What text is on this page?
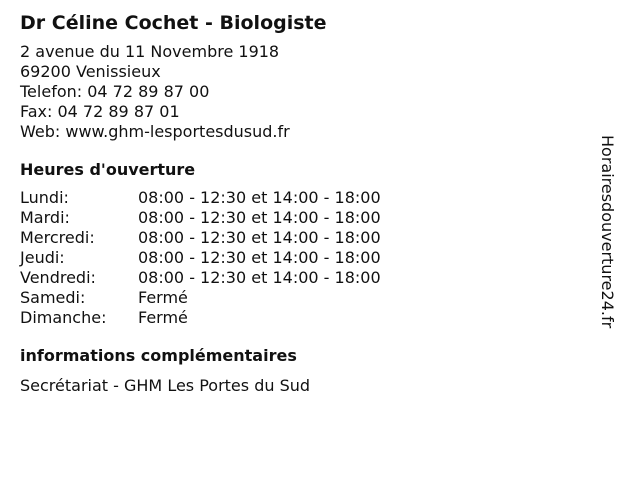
Dr Céline Cochet - Biologiste
2 avenue du 11 Novembre 1918
69200 Venissieux
Telefon: 04 72 89 87 00
Fax: 04 72 89 87 01
Web: www.ghm-lesportesdusud.fr
Heures d'ouverture
Lundi:	08:00 - 12:30 et 14:00 - 18:00
Mardi:	08:00 - 12:30 et 14:00 - 18:00
Mercredi:	08:00 - 12:30 et 14:00 - 18:00
Jeudi:	08:00 - 12:30 et 14:00 - 18:00
Vendredi:	08:00 - 12:30 et 14:00 - 18:00
Samedi:	Fermé
Dimanche:	Fermé
informations complémentaires
Secrétariat - GHM Les Portes du Sud
Horairesdouverture24.fr
